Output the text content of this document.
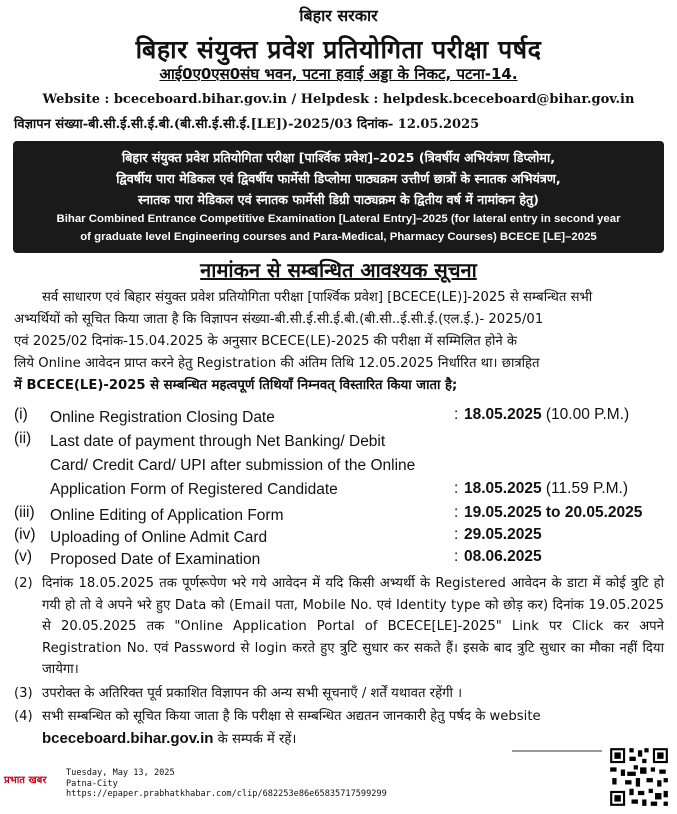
बिहार सरकार
बिहार संयुक्त प्रवेश प्रतियोगिता परीक्षा पर्षद
आई0ए0एस0संघ भवन, पटना हवाई अड्डा के निकट, पटना-14.
Website : bceceboard.bihar.gov.in / Helpdesk : helpdesk.bceceboard@bihar.gov.in
विज्ञापन संख्या-बी.सी.ई.सी.ई.बी.(बी.सी.ई.सी.ई.[LE])-2025/03 दिनांक- 12.05.2025
बिहार संयुक्त प्रवेश प्रतियोगिता परीक्षा [पार्श्विक प्रवेश]–2025 (त्रिवर्षीय अभियंत्रण डिप्लोमा,
द्विवर्षीय पारा मेडिकल एवं द्विवर्षीय फार्मेसी डिप्लोमा पाठ्यक्रम उत्तीर्ण छात्रों के स्नातक अभियंत्रण,
स्नातक पारा मेडिकल एवं स्नातक फार्मेसी डिग्री पाठ्यक्रम के द्वितीय वर्ष में नामांकन हेतु)
Bihar Combined Entrance Competitive Examination [Lateral Entry]–2025 (for lateral entry in second year
of graduate level Engineering courses and Para-Medical, Pharmacy Courses) BCECE [LE]–2025
नामांकन से सम्बन्धित आवश्यक सूचना
सर्व साधारण एवं बिहार संयुक्त प्रवेश प्रतियोगिता परीक्षा [पार्श्विक प्रवेश] [BCECE(LE)]-2025 से सम्बन्धित सभी
अभ्यर्थियों को सूचित किया जाता है कि विज्ञापन संख्या-बी.सी.ई.सी.ई.बी.(बी.सी..ई.सी.ई.(एल.ई.)- 2025/01
एवं 2025/02 दिनांक-15.04.2025 के अनुसार BCECE(LE)-2025 की परीक्षा में सम्मिलित होने के
लिये Online आवेदन प्राप्त करने हेतु Registration की अंतिम तिथि 12.05.2025 निर्धारित था। छात्रहित
में BCECE(LE)-2025 से सम्बन्धित महत्वपूर्ण तिथियाँ निम्नवत् विस्तारित किया जाता है;
(i) Online Registration Closing Date	: 18.05.2025 (10.00 P.M.)
(ii) Last date of payment through Net Banking/ Debit
Card/ Credit Card/ UPI after submission of the Online
Application Form of Registered Candidate	: 18.05.2025 (11.59 P.M.)
(iii) Online Editing of Application Form	: 19.05.2025 to 20.05.2025
(iv) Uploading of Online Admit Card	: 29.05.2025
(v) Proposed Date of Examination	: 08.06.2025
(2) दिनांक 18.05.2025 तक पूर्णरूपेण भरे गये आवेदन में यदि किसी अभ्यर्थी के Registered आवेदन के डाटा में कोई त्रुटि हो गयी हो तो वे अपने भरे हुए Data को (Email पता, Mobile No. एवं Identity type को छोड़ कर) दिनांक 19.05.2025 से 20.05.2025 तक "Online Application Portal of BCECE[LE]-2025" Link पर Click कर अपने Registration No. एवं Password से login करते हुए त्रुटि सुधार कर सकते हैं। इसके बाद त्रुटि सुधार का मौका नहीं दिया जायेगा।
(3) उपरोक्त के अतिरिक्त पूर्व प्रकाशित विज्ञापन की अन्य सभी सूचनाएँ / शर्तें यथावत रहेंगी ।
(4) सभी सम्बन्धित को सूचित किया जाता है कि परीक्षा से सम्बन्धित अद्यतन जानकारी हेतु पर्षद के website
bceceboard.bihar.gov.in के सम्पर्क में रहें।
प्रभात खबर
Tuesday, May 13, 2025
Patna-City
https://epaper.prabhatkhabar.com/clip/682253e86e65835717599299
